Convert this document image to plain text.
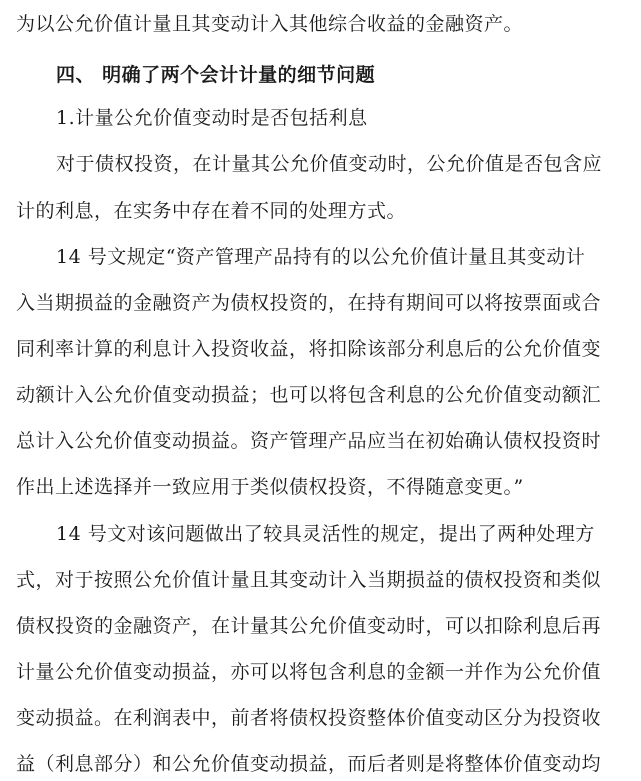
为以公允价值计量且其变动计入其他综合收益的金融资产。
四、 明确了两个会计计量的细节问题
1.计量公允价值变动时是否包括利息
对于债权投资，在计量其公允价值变动时，公允价值是否包含应
计的利息，在实务中存在着不同的处理方式。
14 号文规定“资产管理产品持有的以公允价值计量且其变动计
入当期损益的金融资产为债权投资的，在持有期间可以将按票面或合
同利率计算的利息计入投资收益，将扣除该部分利息后的公允价值变
动额计入公允价值变动损益；也可以将包含利息的公允价值变动额汇
总计入公允价值变动损益。资产管理产品应当在初始确认债权投资时
作出上述选择并一致应用于类似债权投资，不得随意变更。”
14 号文对该问题做出了较具灵活性的规定，提出了两种处理方
式，对于按照公允价值计量且其变动计入当期损益的债权投资和类似
债权投资的金融资产，在计量其公允价值变动时，可以扣除利息后再
计量公允价值变动损益，亦可以将包含利息的金额一并作为公允价值
变动损益。在利润表中，前者将债权投资整体价值变动区分为投资收
益（利息部分）和公允价值变动损益，而后者则是将整体价值变动均
